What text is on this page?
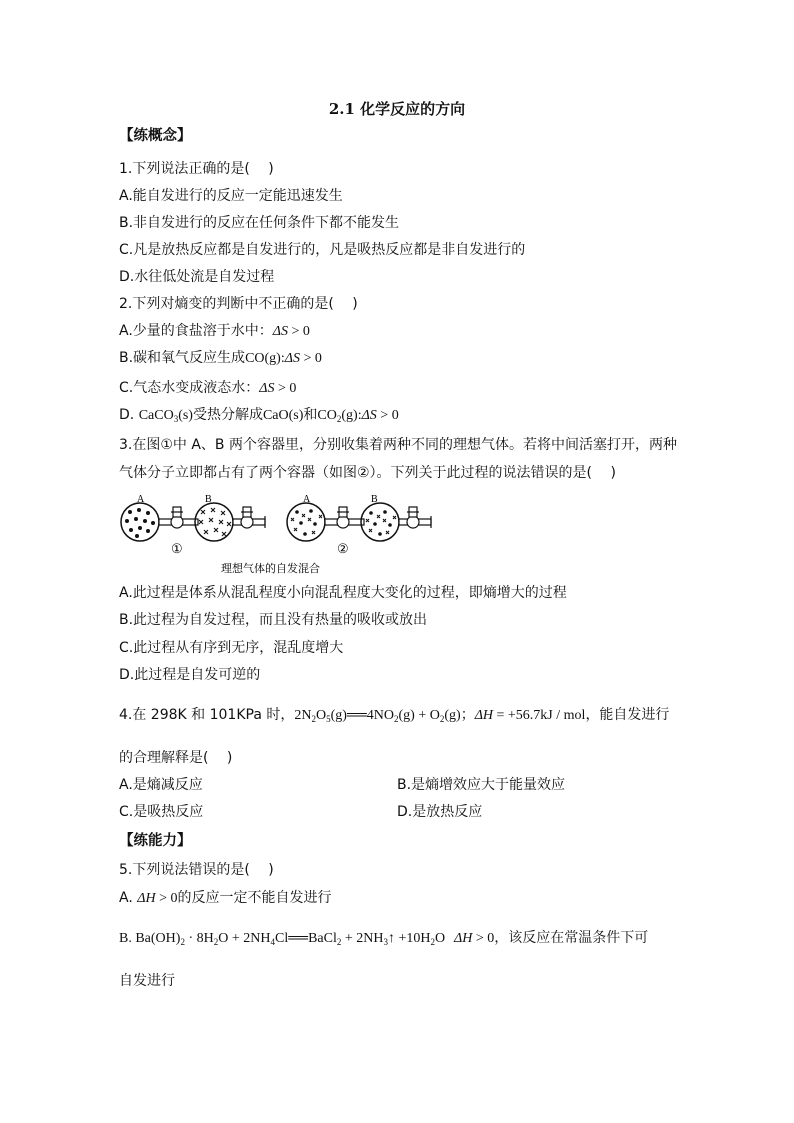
2.1 化学反应的方向
【练概念】
1.下列说法正确的是(　 )
A.能自发进行的反应一定能迅速发生
B.非自发进行的反应在任何条件下都不能发生
C.凡是放热反应都是自发进行的，凡是吸热反应都是非自发进行的
D.水往低处流是自发过程
2.下列对熵变的判断中不正确的是(　 )
A.少量的食盐溶于水中：ΔS > 0
B.碳和氧气反应生成CO(g):ΔS > 0
C.气态水变成液态水：ΔS > 0
D. CaCO$_3$(s)受热分解成CaO(s)和$CO_2(g):\Delta S > 0$
3.在图①中 A、B 两个容器里，分别收集着两种不同的理想气体。若将中间活塞打开，两种
气体分子立即都占有了两个容器（如图②）。下列关于此过程的说法错误的是(　 )
A	B
①
A	B
②
理想气体的自发混合
A.此过程是体系从混乱程度小向混乱程度大变化的过程，即熵增大的过程
B.此过程为自发过程，而且没有热量的吸收或放出
C.此过程从有序到无序，混乱度增大
D.此过程是自发可逆的
4.在 298K 和 101KPa 时，$2N_2O_5(g)══4NO_2(g) + O_2(g)$；ΔH = +56.7kJ / mol，能自发进行
的合理解释是(　 )
A.是熵减反应	B.是熵增效应大于能量效应
C.是吸热反应	D.是放热反应
【练能力】
5.下列说法错误的是(　 )
A. ΔH > 0的反应一定不能自发进行
B. $Ba(OH)_2 \cdot 8H_2O$ + $2NH_4Cl══BaCl_2$ + $2NH_3↑ +10H_2O$ ΔH > 0，该反应在常温条件下可
自发进行
